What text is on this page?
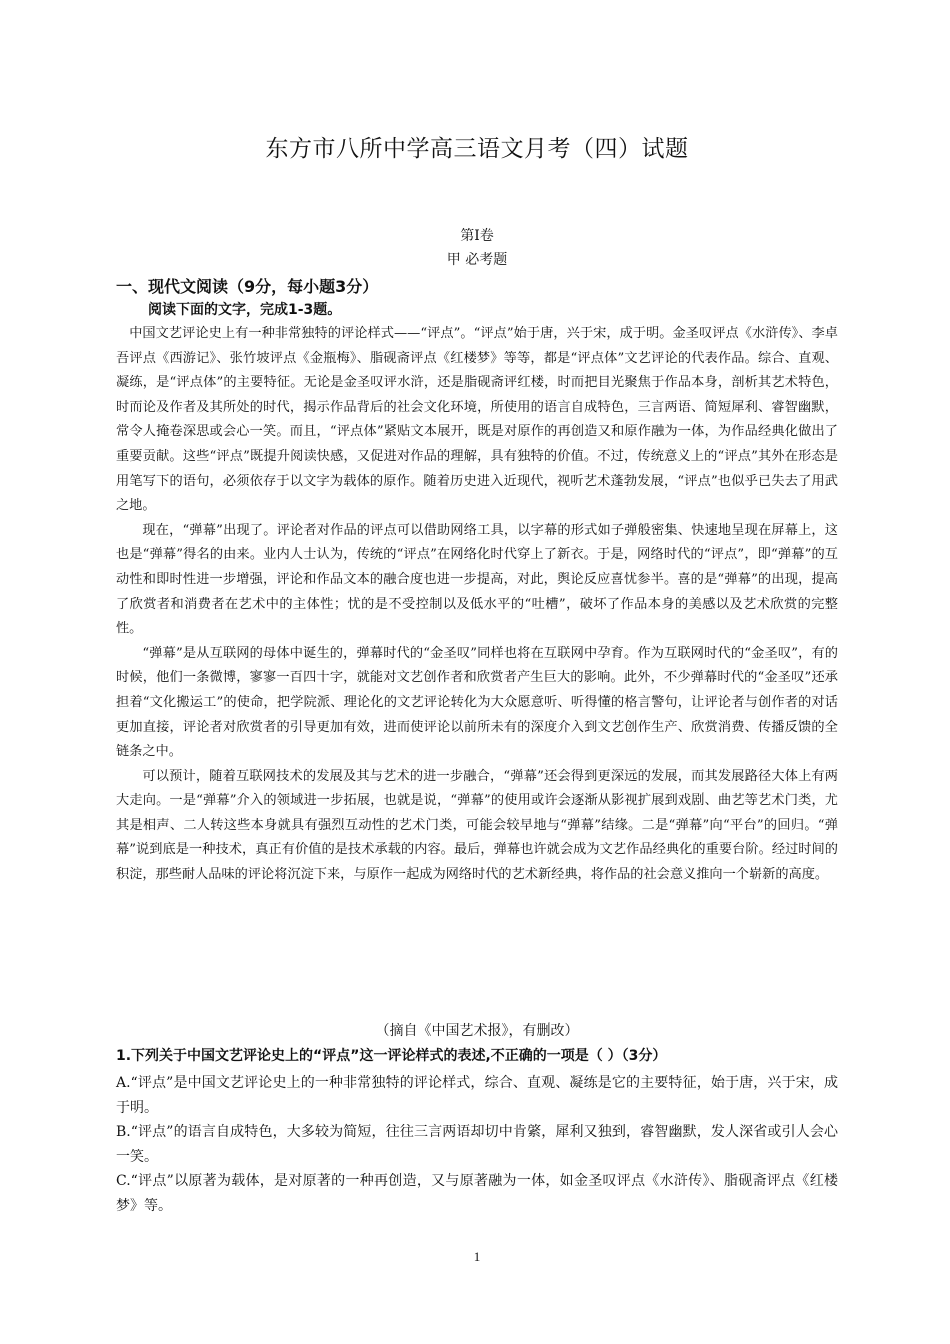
东方市八所中学高三语文月考（四）试题
第Ⅰ卷
甲 必考题
一、现代文阅读（9分，每小题3分）
阅读下面的文字，完成1-3题。

中国文艺评论史上有一种非常独特的评论样式——“评点”。“评点”始于唐，兴于宋，成于明。金圣叹评点《水浒传》、李卓吾评点《西游记》、张竹坡评点《金瓶梅》、脂砚斋评点《红楼梦》等等，都是“评点体”文艺评论的代表作品。综合、直观、凝练，是“评点体”的主要特征。无论是金圣叹评水浒，还是脂砚斋评红楼，时而把目光聚焦于作品本身，剖析其艺术特色，时而论及作者及其所处的时代，揭示作品背后的社会文化环境，所使用的语言自成特色，三言两语、简短犀利、睿智幽默，常令人掩卷深思或会心一笑。而且，“评点体”紧贴文本展开，既是对原作的再创造又和原作融为一体，为作品经典化做出了重要贡献。这些“评点”既提升阅读快感，又促进对作品的理解，具有独特的价值。不过，传统意义上的“评点”其外在形态是用笔写下的语句，必须依存于以文字为载体的原作。随着历史进入近现代，视听艺术蓬勃发展，“评点”也似乎已失去了用武之地。

现在，“弹幕”出现了。评论者对作品的评点可以借助网络工具，以字幕的形式如子弹般密集、快速地呈现在屏幕上，这也是“弹幕”得名的由来。业内人士认为，传统的“评点”在网络化时代穿上了新衣。于是，网络时代的“评点”，即“弹幕”的互动性和即时性进一步增强，评论和作品文本的融合度也进一步提高，对此，舆论反应喜忧参半。喜的是“弹幕”的出现，提高了欣赏者和消费者在艺术中的主体性；忧的是不受控制以及低水平的“吐槽”，破坏了作品本身的美感以及艺术欣赏的完整性。

“弹幕”是从互联网的母体中诞生的，弹幕时代的“金圣叹”同样也将在互联网中孕育。作为互联网时代的“金圣叹”，有的时候，他们一条微博，寥寥一百四十字，就能对文艺创作者和欣赏者产生巨大的影响。此外，不少弹幕时代的“金圣叹”还承担着“文化搬运工”的使命，把学院派、理论化的文艺评论转化为大众愿意听、听得懂的格言警句，让评论者与创作者的对话更加直接，评论者对欣赏者的引导更加有效，进而使评论以前所未有的深度介入到文艺创作生产、欣赏消费、传播反馈的全链条之中。

可以预计，随着互联网技术的发展及其与艺术的进一步融合，“弹幕”还会得到更深远的发展，而其发展路径大体上有两大走向。一是“弹幕”介入的领域进一步拓展，也就是说，“弹幕”的使用或许会逐渐从影视扩展到戏剧、曲艺等艺术门类，尤其是相声、二人转这些本身就具有强烈互动性的艺术门类，可能会较早地与“弹幕”结缘。二是“弹幕”向“平台”的回归。“弹幕”说到底是一种技术，真正有价值的是技术承载的内容。最后，弹幕也许就会成为文艺作品经典化的重要台阶。经过时间的积淀，那些耐人品味的评论将沉淀下来，与原作一起成为网络时代的艺术新经典，将作品的社会意义推向一个崭新的高度。

（摘自《中国艺术报》，有删改）
1.下列关于中国文艺评论史上的“评点”这一评论样式的表述,不正确的一项是（ ）（3分）

A.“评点”是中国文艺评论史上的一种非常独特的评论样式，综合、直观、凝练是它的主要特征，始于唐，兴于宋，成于明。

B.“评点”的语言自成特色，大多较为简短，往往三言两语却切中肯綮，犀利又独到，睿智幽默，发人深省或引人会心一笑。

C.“评点”以原著为载体，是对原著的一种再创造，又与原著融为一体，如金圣叹评点《水浒传》、脂砚斋评点《红楼梦》等。

1
